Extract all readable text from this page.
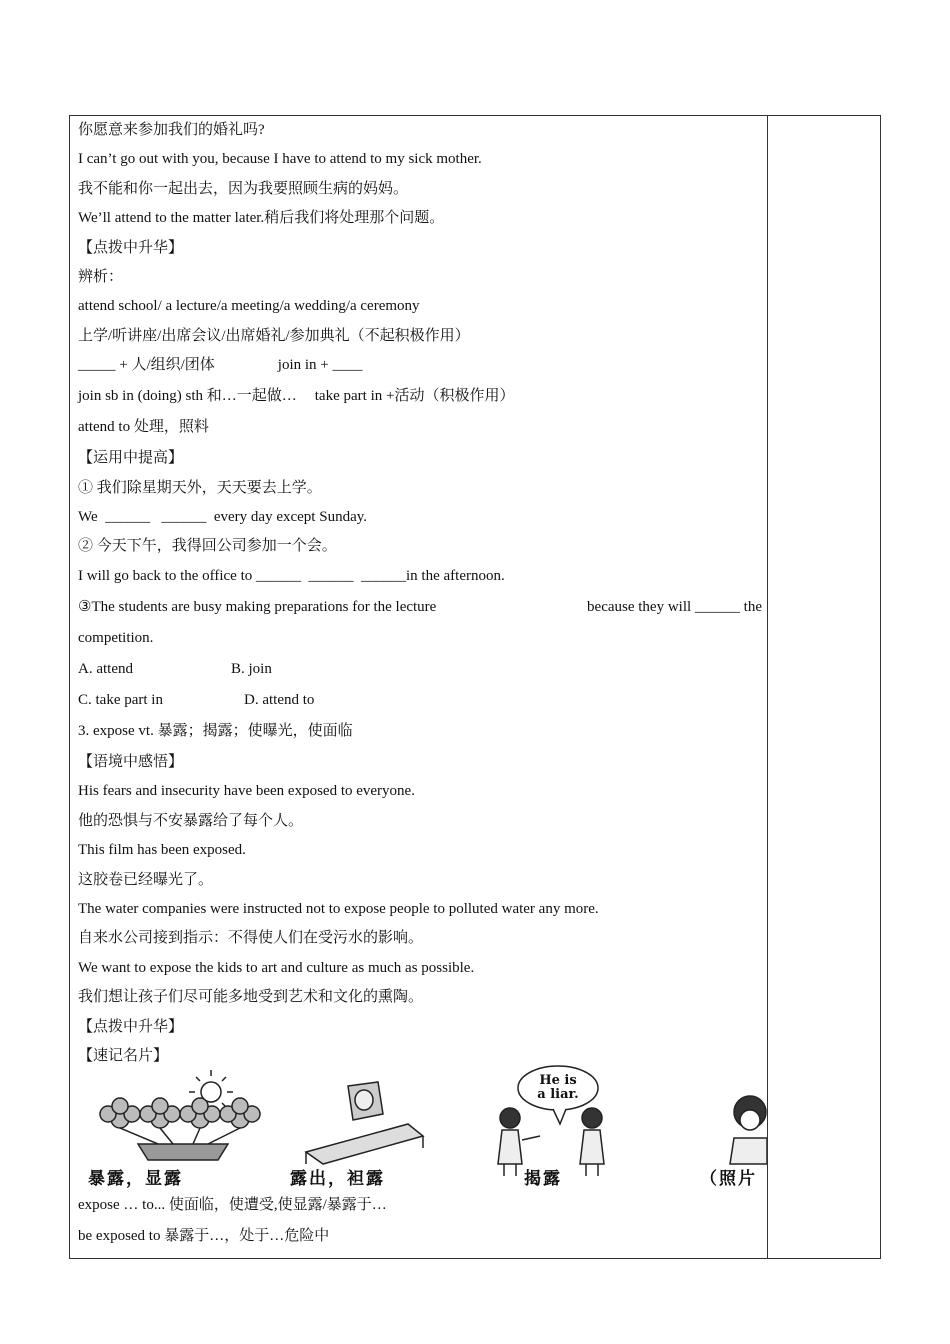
你愿意来参加我们的婚礼吗?
I can’t go out with you, because I have to attend to my sick mother.
我不能和你一起出去，因为我要照顾生病的妈妈。
We’ll attend to the matter later.稍后我们将处理那个问题。
【点拨中升华】
辨析：
attend school/ a lecture/a meeting/a wedding/a ceremony
上学/听讲座/出席会议/出席婚礼/参加典礼（不起积极作用）
_____ + 人/组织/团体	join in + ____
join sb in (doing) sth 和…一起做… take part in +活动（积极作用）
attend to 处理，照料
【运用中提高】
① 我们除星期天外，天天要去上学。
We  ______   ______  every day except Sunday.
② 今天下午，我得回公司参加一个会。
I will go back to the office to ______  ______  ______in the afternoon.
③The students are busy making preparations for the lecture	because they will ______ the
competition.
A. attend	B. join
C. take part in	D. attend to
3. expose vt. 暴露；揭露；使曝光，使面临
【语境中感悟】
His fears and insecurity have been exposed to everyone.
他的恐惧与不安暴露给了每个人。
This film has been exposed.
这胶卷已经曝光了。
The water companies were instructed not to expose people to polluted water any more.
自来水公司接到指示：不得使人们在受污水的影响。
We want to expose the kids to art and culture as much as possible.
我们想让孩子们尽可能多地受到艺术和文化的熏陶。
【点拨中升华】
【速记名片】
He is
a liar.
暴露，显露	露出，袒露	揭露	（照片
expose … to... 使面临，使遭受,使显露/暴露于…
be exposed to 暴露于…，处于…危险中
